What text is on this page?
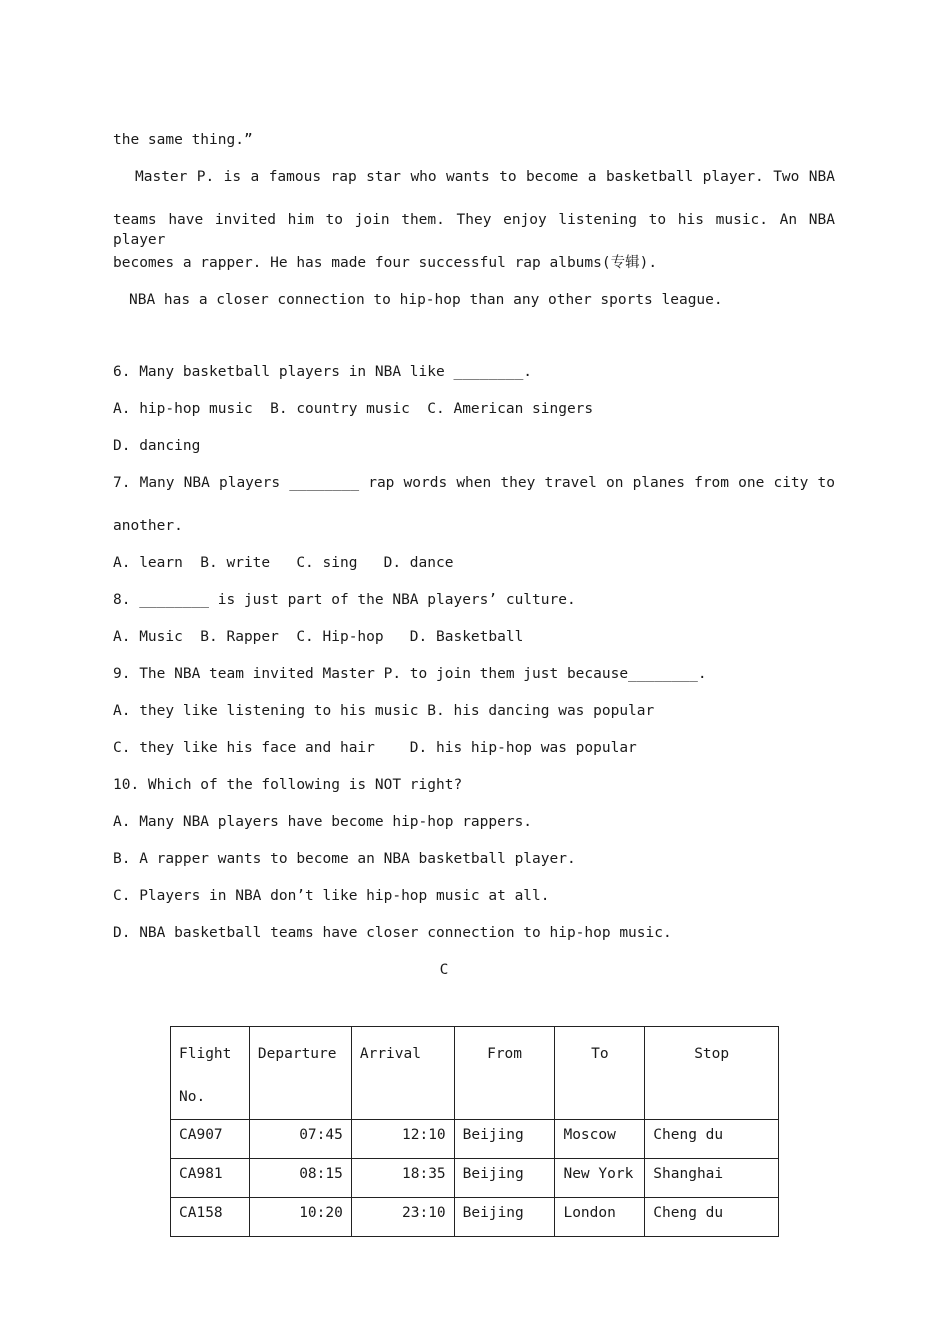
the same thing.”
Master P. is a famous rap star who wants to become a basketball player. Two NBA
teams have invited him to join them. They enjoy listening to his music. An NBA player
becomes a rapper. He has made four successful rap albums(专辑).
NBA has a closer connection to hip-hop than any other sports league.
6. Many basketball players in NBA like ________.
A. hip-hop music  B. country music  C. American singers
D. dancing
7. Many NBA players ________ rap words when they travel on planes from one city to
another.
A. learn  B. write   C. sing   D. dance
8. ________ is just part of the NBA players’ culture.
A. Music  B. Rapper  C. Hip-hop   D. Basketball
9. The NBA team invited Master P. to join them just because________.
A. they like listening to his music B. his dancing was popular
C. they like his face and hair    D. his hip-hop was popular
10. Which of the following is NOT right?
A. Many NBA players have become hip-hop rappers.
B. A rapper wants to become an NBA basketball player.
C. Players in NBA don’t like hip-hop music at all.
D. NBA basketball teams have closer connection to hip-hop music.
C
Flight
No.	Departure	Arrival	From	To	Stop
CA907	07:45	12:10	Beijing	Moscow	Cheng du
CA981	08:15	18:35	Beijing	New York	Shanghai
CA158	10:20	23:10	Beijing	London	Cheng du
